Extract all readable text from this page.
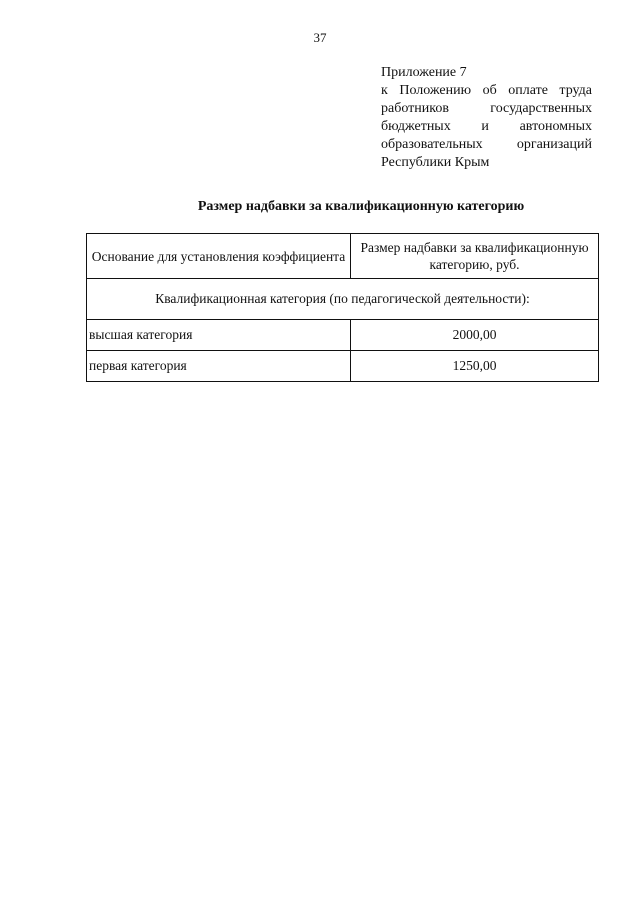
37
Приложение 7
к Положению об оплате труда
работников государственных
бюджетных и автономных
образовательных организаций
Республики Крым
Размер надбавки за квалификационную категорию
Основание для установления коэффициента	Размер надбавки за квалификационную категорию, руб.
Квалификационная категория (по педагогической деятельности):	
высшая категория	2000,00
первая категория	1250,00
